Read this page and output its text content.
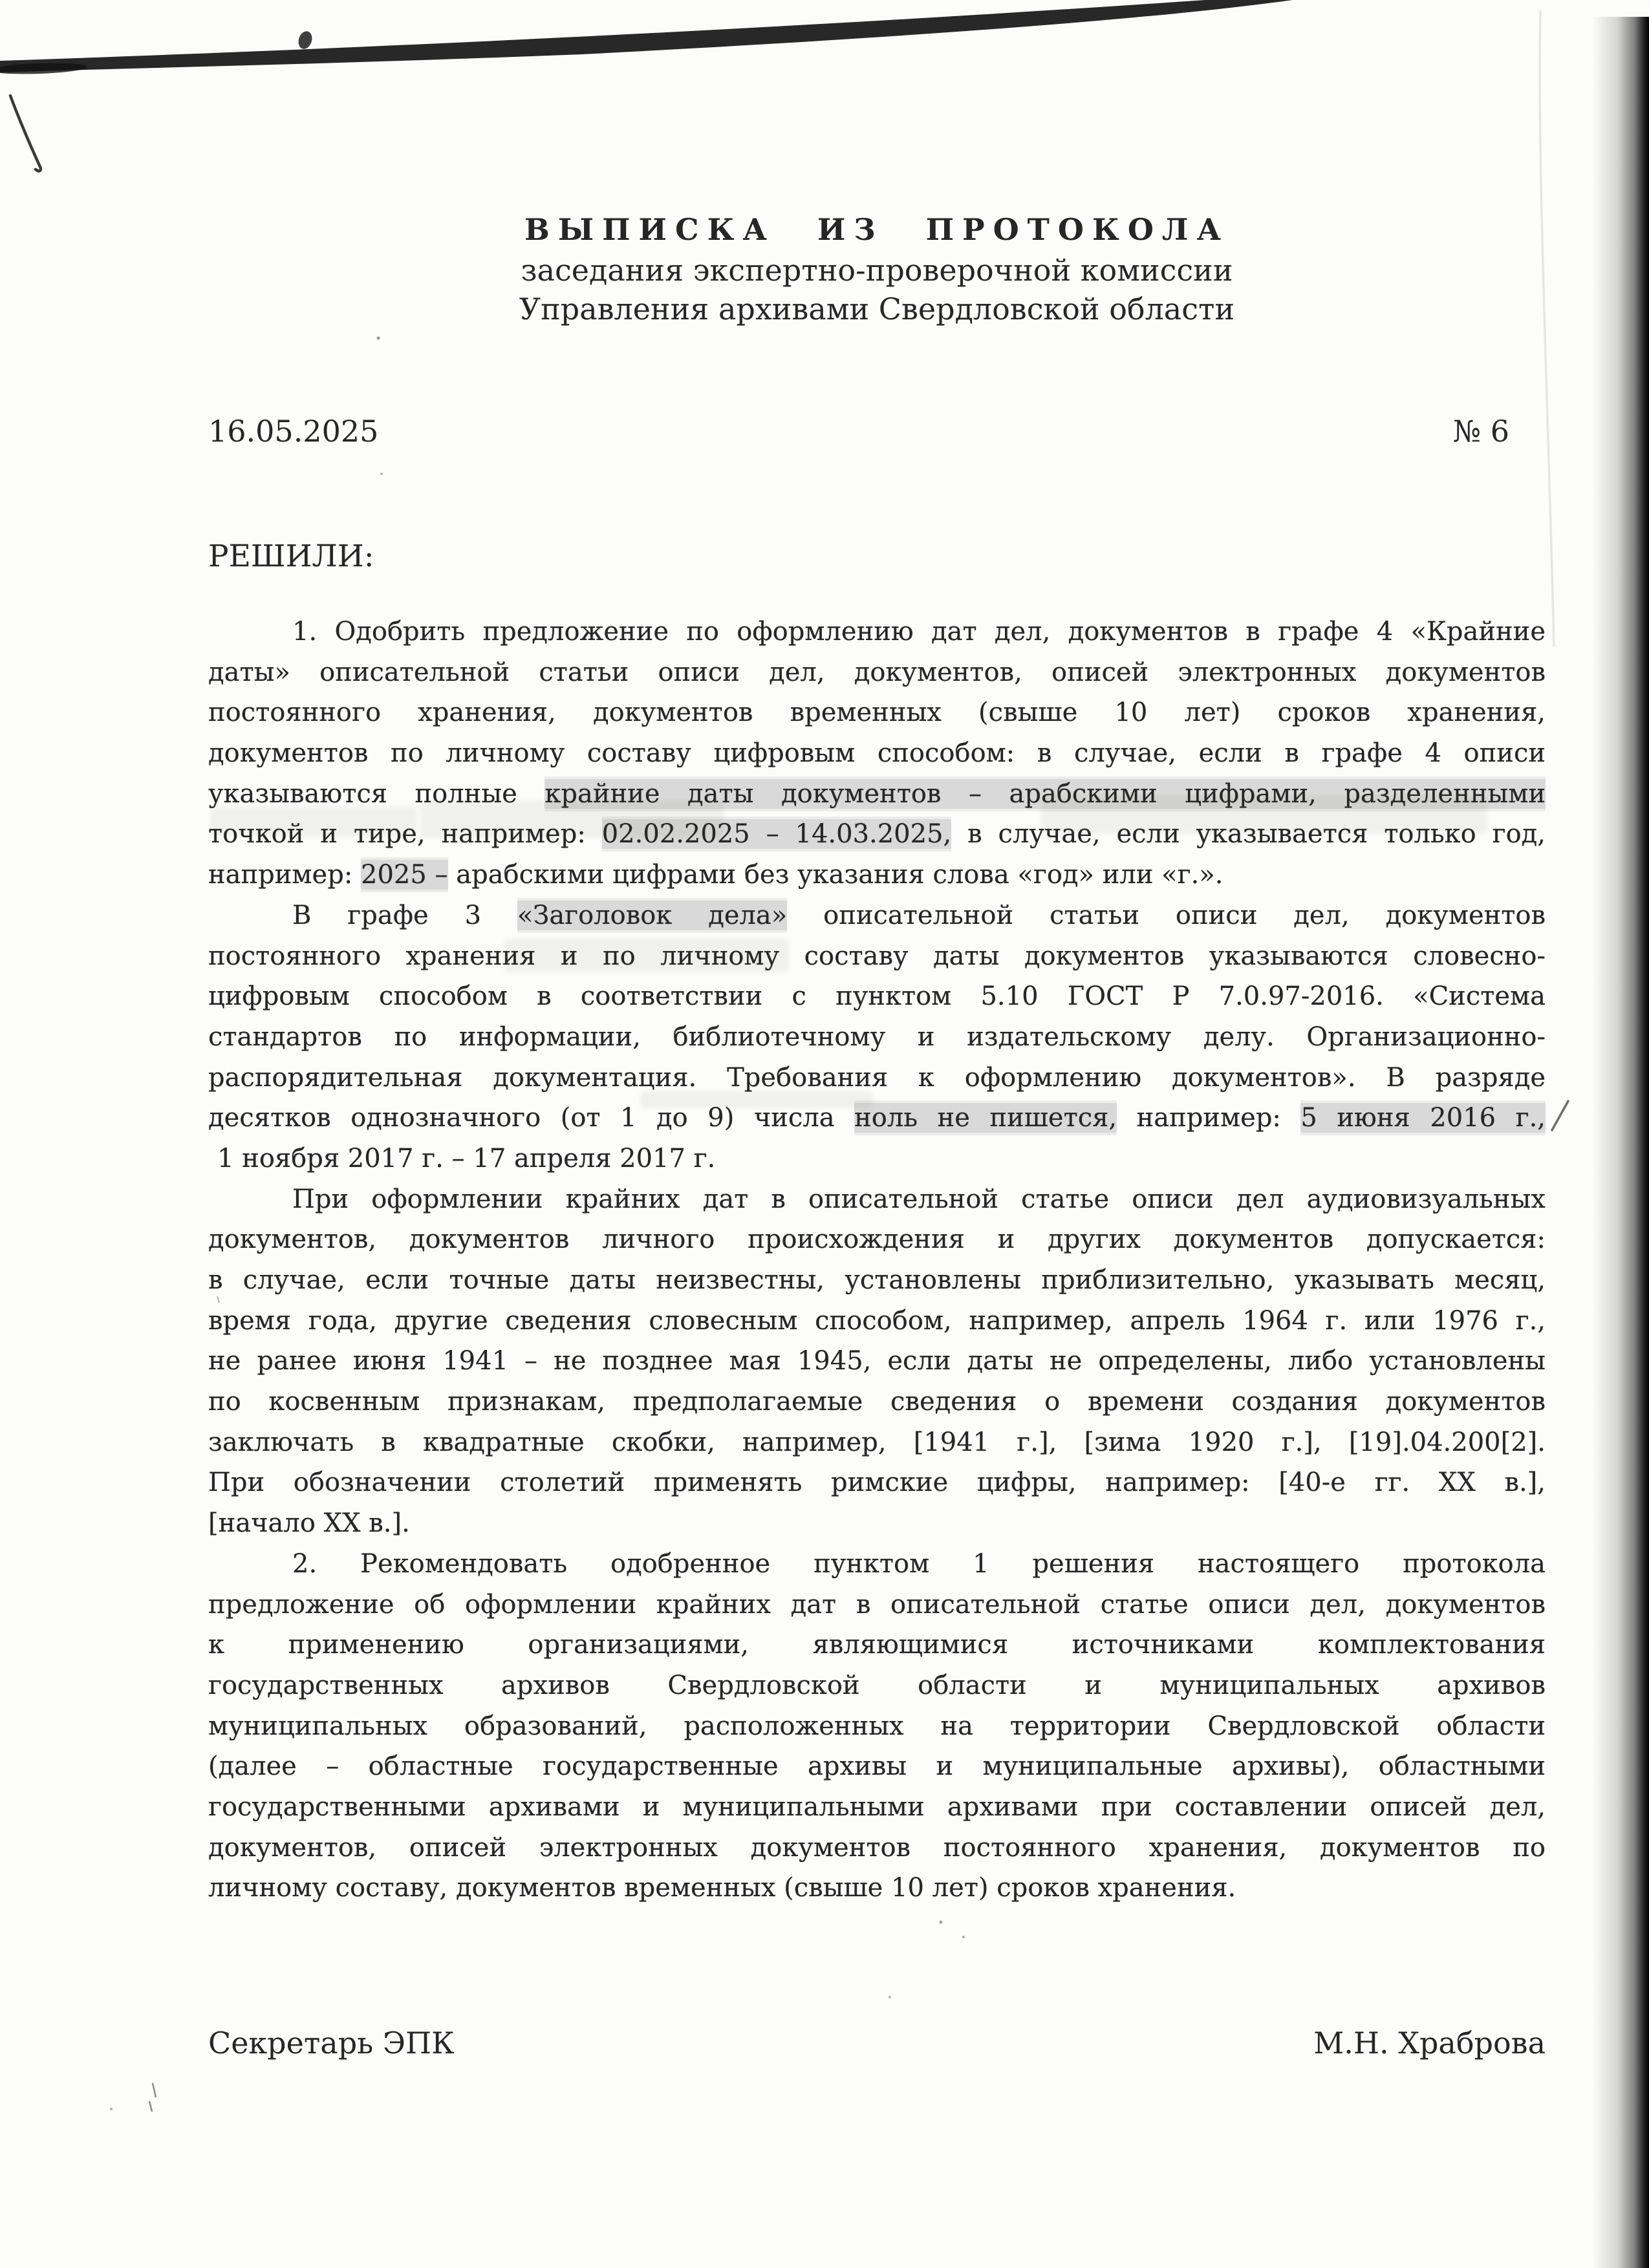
ВЫПИСКА ИЗ ПРОТОКОЛА
заседания экспертно-проверочной комиссии
Управления архивами Свердловской области
16.05.2025	№ 6
РЕШИЛИ:
1. Одобрить предложение по оформлению дат дел, документов в графе 4 «Крайние
даты» описательной статьи описи дел, документов, описей электронных документов
постоянного хранения, документов временных (свыше 10 лет) сроков хранения,
документов по личному составу цифровым способом: в случае, если в графе 4 описи
указываются полные крайние даты документов – арабскими цифрами, разделенными
точкой и тире, например: 02.02.2025 – 14.03.2025, в случае, если указывается только год,
например: 2025 – арабскими цифрами без указания слова «год» или «г.».
В графе 3 «Заголовок дела» описательной статьи описи дел, документов
постоянного хранения и по личному составу даты документов указываются словесно-
цифровым способом в соответствии с пунктом 5.10 ГОСТ Р 7.0.97-2016. «Система
стандартов по информации, библиотечному и издательскому делу. Организационно-
распорядительная документация. Требования к оформлению документов». В разряде
десятков однозначного (от 1 до 9) числа ноль не пишется, например: 5 июня 2016 г.,
1 ноября 2017 г. – 17 апреля 2017 г.
При оформлении крайних дат в описательной статье описи дел аудиовизуальных
документов, документов личного происхождения и других документов допускается:
в случае, если точные даты неизвестны, установлены приблизительно, указывать месяц,
время года, другие сведения словесным способом, например, апрель 1964 г. или 1976 г.,
не ранее июня 1941 – не позднее мая 1945, если даты не определены, либо установлены
по косвенным признакам, предполагаемые сведения о времени создания документов
заключать в квадратные скобки, например, [1941 г.], [зима 1920 г.], [19].04.200[2].
При обозначении столетий применять римские цифры, например: [40-е гг. XX в.],
[начало XX в.].
2. Рекомендовать одобренное пунктом 1 решения настоящего протокола
предложение об оформлении крайних дат в описательной статье описи дел, документов
к применению организациями, являющимися источниками комплектования
государственных архивов Свердловской области и муниципальных архивов
муниципальных образований, расположенных на территории Свердловской области
(далее – областные государственные архивы и муниципальные архивы), областными
государственными архивами и муниципальными архивами при составлении описей дел,
документов, описей электронных документов постоянного хранения, документов по
личному составу, документов временных (свыше 10 лет) сроков хранения.
Секретарь ЭПК	М.Н. Храброва
